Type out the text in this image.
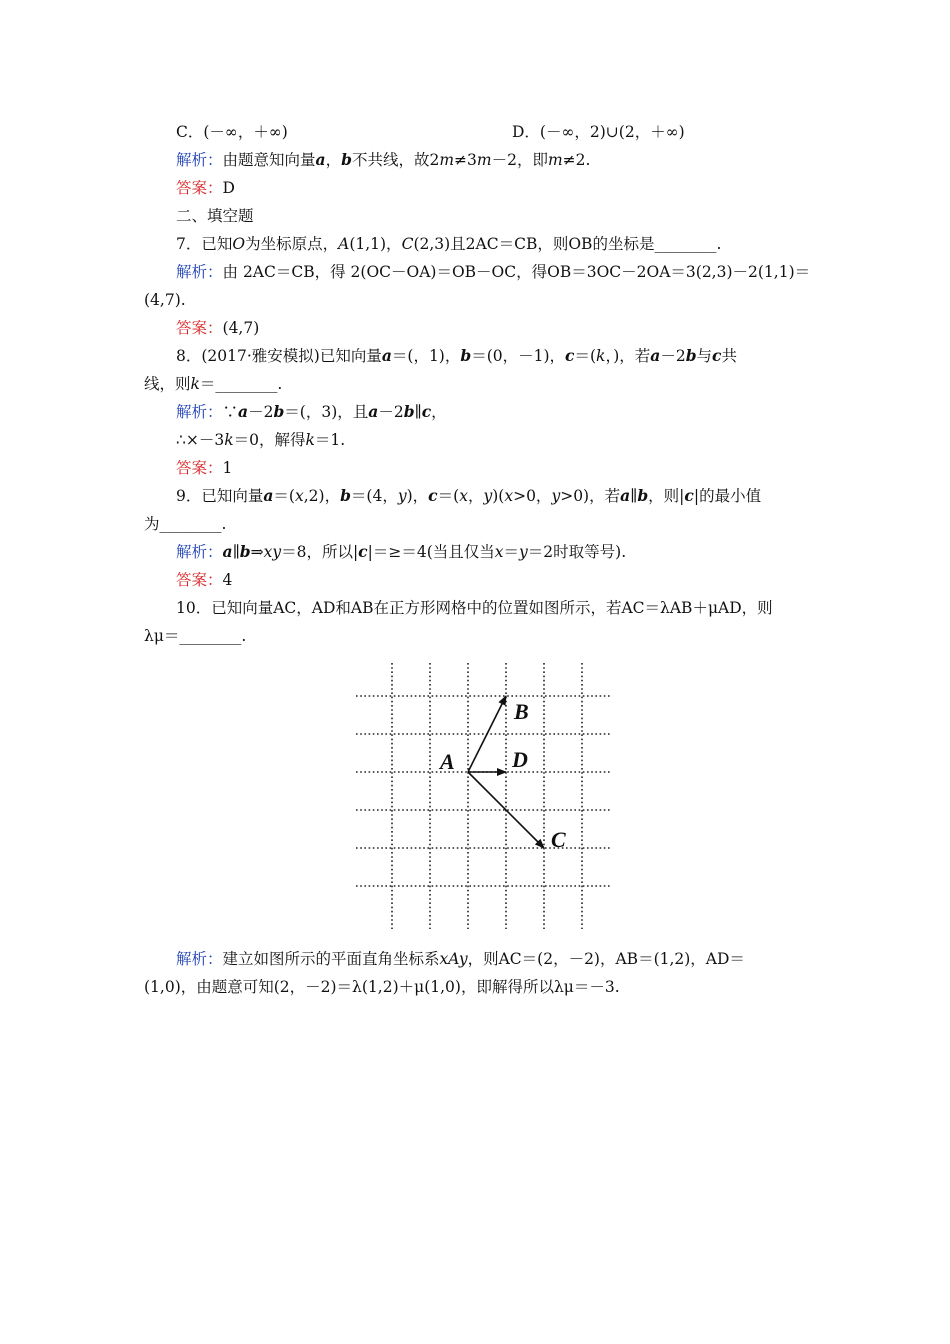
C．(－∞，＋∞)	D．(－∞，2)∪(2，＋∞)
解析：由题意知向量a，b不共线，故2m≠3m－2，即m≠2.
答案：D
二、填空题
7．已知O为坐标原点，A(1,1)，C(2,3)且2AC＝CB，则OB的坐标是________.
解析：由 2AC＝CB，得 2(OC－OA)＝OB－OC，得OB＝3OC－2OA＝3(2,3)－2(1,1)＝
(4,7).
答案：(4,7)
8．(2017·雅安模拟)已知向量a＝(，1)，b＝(0，－1)，c＝(k，)，若a－2b与c共
线，则k＝________.
解析：∵a－2b＝(，3)，且a－2b∥c，
∴×－3k＝0，解得k＝1.
答案：1
9．已知向量a＝(x,2)，b＝(4，y)，c＝(x，y)(x>0，y>0)，若a∥b，则|c|的最小值
为________.
解析：a∥b⇒xy＝8，所以|c|＝≥＝4(当且仅当x＝y＝2时取等号).
答案：4
10．已知向量AC，AD和AB在正方形网格中的位置如图所示，若AC＝λAB＋μAD，则
λμ＝________.
A
B
D
C
解析：建立如图所示的平面直角坐标系xAy，则AC＝(2，－2)，AB＝(1,2)，AD＝
(1,0)，由题意可知(2，－2)＝λ(1,2)＋μ(1,0)，即解得所以λμ＝－3.
